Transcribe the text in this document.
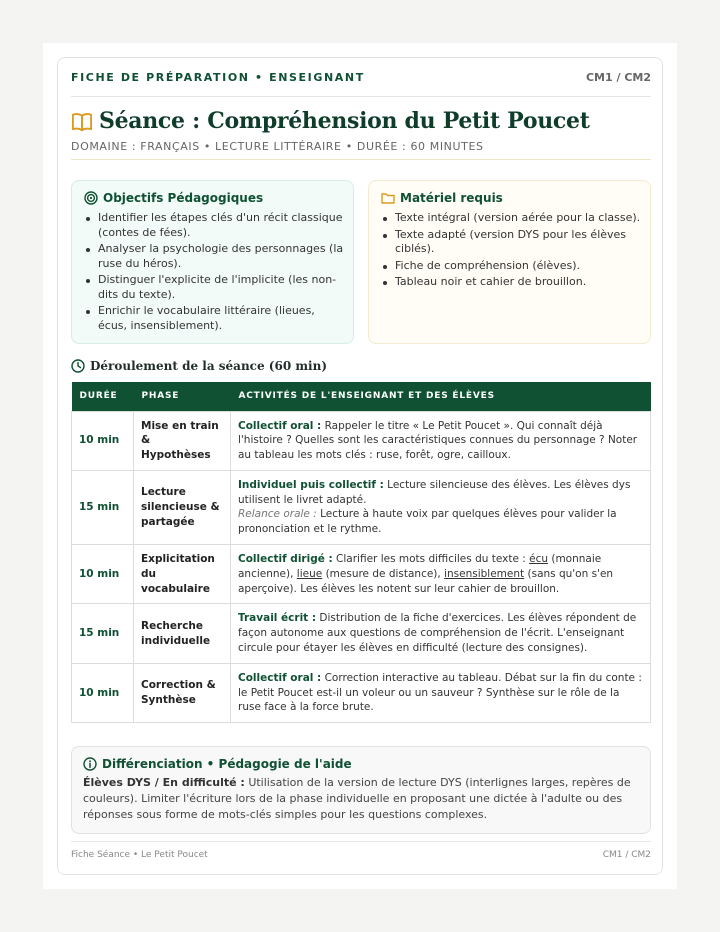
FICHE DE PRÉPARATION • ENSEIGNANT	CM1 / CM2
Séance : Compréhension du Petit Poucet
DOMAINE : FRANÇAIS • LECTURE LITTÉRAIRE • DURÉE : 60 MINUTES
Objectifs Pédagogiques
Identifier les étapes clés d'un récit classique (contes de fées).
Analyser la psychologie des personnages (la ruse du héros).
Distinguer l'explicite de l'implicite (les non-dits du texte).
Enrichir le vocabulaire littéraire (lieues, écus, insensiblement).
Matériel requis
Texte intégral (version aérée pour la classe).
Texte adapté (version DYS pour les élèves ciblés).
Fiche de compréhension (élèves).
Tableau noir et cahier de brouillon.
Déroulement de la séance (60 min)
DURÉE	PHASE	ACTIVITÉS DE L'ENSEIGNANT ET DES ÉLÈVES
10 min	Mise en train & Hypothèses	Collectif oral : Rappeler le titre « Le Petit Poucet ». Qui connaît déjà l'histoire ? Quelles sont les caractéristiques connues du personnage ? Noter au tableau les mots clés : ruse, forêt, ogre, cailloux.
15 min	Lecture silencieuse & partagée	Individuel puis collectif : Lecture silencieuse des élèves. Les élèves dys utilisent le livret adapté.
Relance orale : Lecture à haute voix par quelques élèves pour valider la prononciation et le rythme.
10 min	Explicitation du vocabulaire	Collectif dirigé : Clarifier les mots difficiles du texte : écu (monnaie ancienne), lieue (mesure de distance), insensiblement (sans qu'on s'en aperçoive). Les élèves les notent sur leur cahier de brouillon.
15 min	Recherche individuelle	Travail écrit : Distribution de la fiche d'exercices. Les élèves répondent de façon autonome aux questions de compréhension de l'écrit. L'enseignant circule pour étayer les élèves en difficulté (lecture des consignes).
10 min	Correction & Synthèse	Collectif oral : Correction interactive au tableau. Débat sur la fin du conte : le Petit Poucet est-il un voleur ou un sauveur ? Synthèse sur le rôle de la ruse face à la force brute.
Différenciation • Pédagogie de l'aide

Élèves DYS / En difficulté : Utilisation de la version de lecture DYS (interlignes larges, repères de couleurs). Limiter l'écriture lors de la phase individuelle en proposant une dictée à l'adulte ou des réponses sous forme de mots-clés simples pour les questions complexes.

Fiche Séance • Le Petit Poucet	CM1 / CM2
